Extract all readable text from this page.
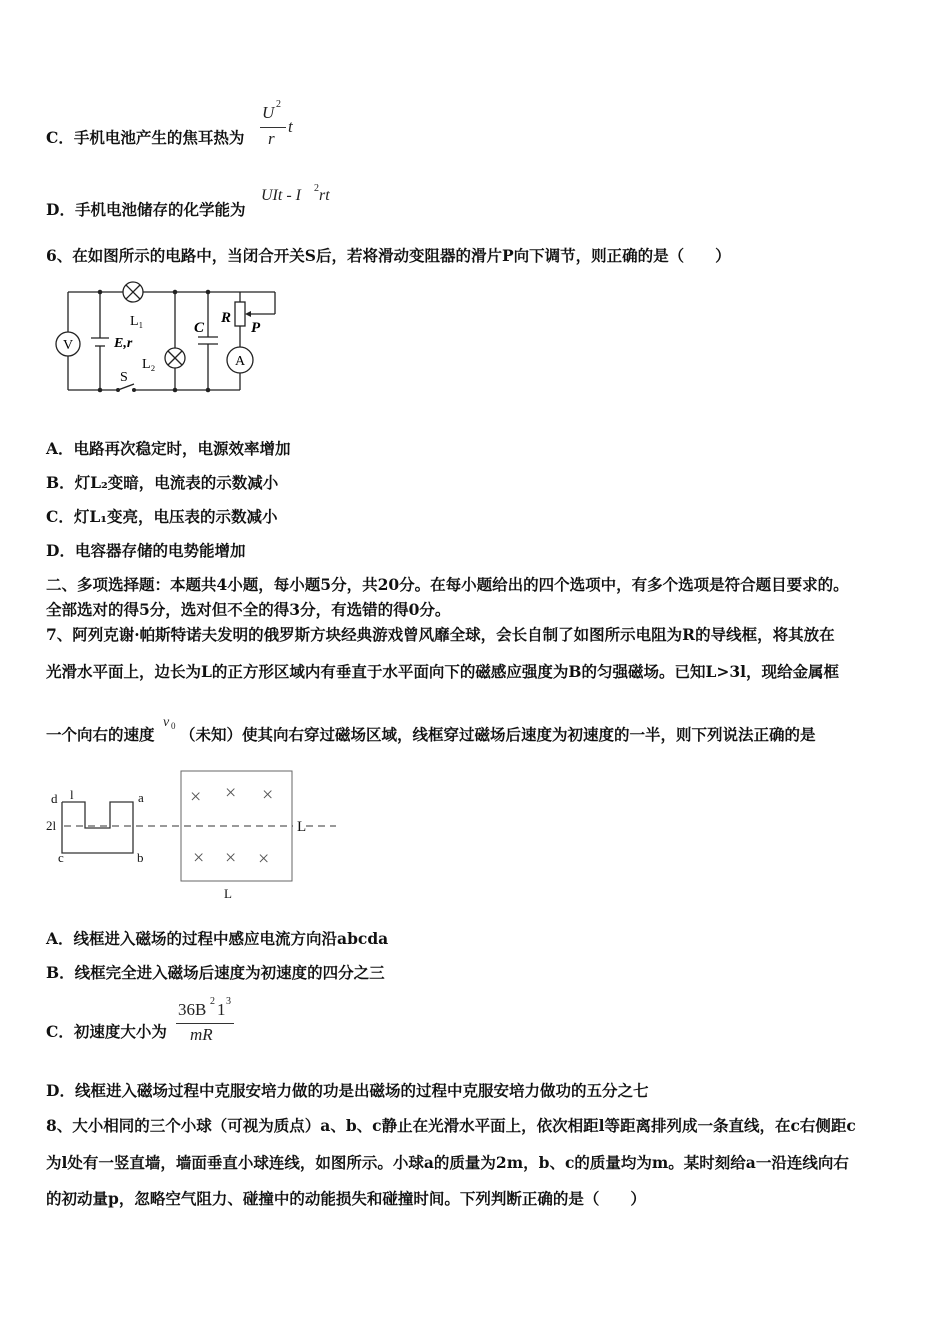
C．手机电池产生的焦耳热为
U 2
r
t
D．手机电池储存的化学能为
UIt - I 2 rt
6、在如图所示的电路中，当闭合开关S后，若将滑动变阻器的滑片P向下调节，则正确的是（　　）
V
A
L₁
E,r
L₂
S
C
R
P
A．电路再次稳定时，电源效率增加
B．灯L₂变暗，电流表的示数减小
C．灯L₁变亮，电压表的示数减小
D．电容器存储的电势能增加
二、多项选择题：本题共4小题，每小题5分，共20分。在每小题给出的四个选项中，有多个选项是符合题目要求的。
全部选对的得5分，选对但不全的得3分，有选错的得0分。
7、阿列克谢·帕斯特诺夫发明的俄罗斯方块经典游戏曾风靡全球，会长自制了如图所示电阻为R的导线框，将其放在
光滑水平面上，边长为L的正方形区域内有垂直于水平面向下的磁感应强度为B的匀强磁场。已知L>3l，现给金属框
一个向右的速度
v 0 （未知）使其向右穿过磁场区域，线框穿过磁场后速度为初速度的一半，则下列说法正确的是
× × ×
× × ×
d l	a
2l
c	b
L
L
A．线框进入磁场的过程中感应电流方向沿abcda
B．线框完全进入磁场后速度为初速度的四分之三
C．初速度大小为
36B 2 1 3
mR
D．线框进入磁场过程中克服安培力做的功是出磁场的过程中克服安培力做功的五分之七
8、大小相同的三个小球（可视为质点）a、b、c静止在光滑水平面上，依次相距l等距离排列成一条直线，在c右侧距c
为l处有一竖直墙，墙面垂直小球连线，如图所示。小球a的质量为2m，b、c的质量均为m。某时刻给a一沿连线向右
的初动量p，忽略空气阻力、碰撞中的动能损失和碰撞时间。下列判断正确的是（　　）
